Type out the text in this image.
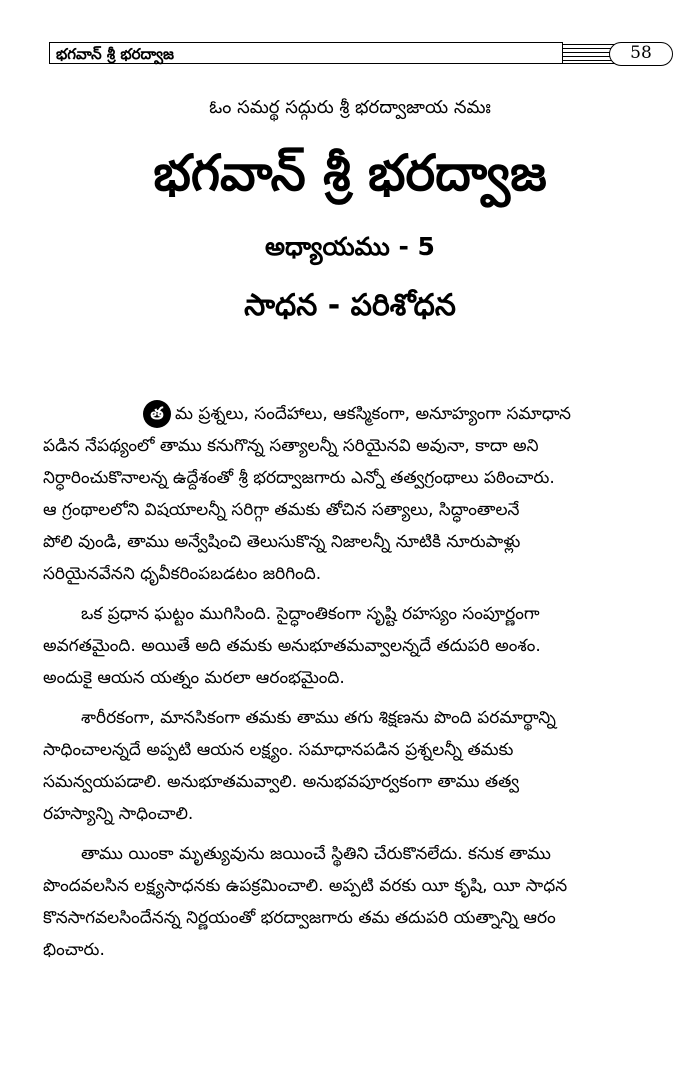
భగవాన్ శ్రీ భరద్వాజ	58
ఓం సమర్థ సద్గురు శ్రీ భరద్వాజాయ నమః
భగవాన్ శ్రీ భరద్వాజ
అధ్యాయము - 5
సాధన - పరిశోధన

త మ ప్రశ్నలు, సందేహాలు, ఆకస్మికంగా, అనూహ్యంగా సమాధాన
పడిన నేపథ్యంలో తాము కనుగొన్న సత్యాలన్నీ సరియైనవి అవునా, కాదా అని
నిర్ధారించుకొనాలన్న ఉద్దేశంతో శ్రీ భరద్వాజగారు ఎన్నో తత్వగ్రంథాలు పఠించారు.
ఆ గ్రంథాలలోని విషయాలన్నీ సరిగ్గా తమకు తోచిన సత్యాలు, సిద్ధాంతాలనే
పోలి వుండి, తాము అన్వేషించి తెలుసుకొన్న నిజాలన్నీ నూటికి నూరుపాళ్లు
సరియైనవేనని ధృవీకరింపబడటం జరిగింది.

ఒక ప్రధాన ఘట్టం ముగిసింది. సైద్ధాంతికంగా సృష్టి రహస్యం సంపూర్ణంగా
అవగతమైంది. అయితే అది తమకు అనుభూతమవ్వాలన్నదే తదుపరి అంశం.
అందుకై ఆయన యత్నం మరలా ఆరంభమైంది.

శారీరకంగా, మానసికంగా తమకు తాము తగు శిక్షణను పొంది పరమార్థాన్ని
సాధించాలన్నదే అప్పటి ఆయన లక్ష్యం. సమాధానపడిన ప్రశ్నలన్నీ తమకు
సమన్వయపడాలి. అనుభూతమవ్వాలి. అనుభవపూర్వకంగా తాము తత్వ
రహస్యాన్ని సాధించాలి.

తాము యింకా మృత్యువును జయించే స్థితిని చేరుకొనలేదు. కనుక తాము
పొందవలసిన లక్ష్యసాధనకు ఉపక్రమించాలి. అప్పటి వరకు యీ కృషి, యీ సాధన
కొనసాగవలసిందేనన్న నిర్ణయంతో భరద్వాజగారు తమ తదుపరి యత్నాన్ని ఆరం
భించారు.
